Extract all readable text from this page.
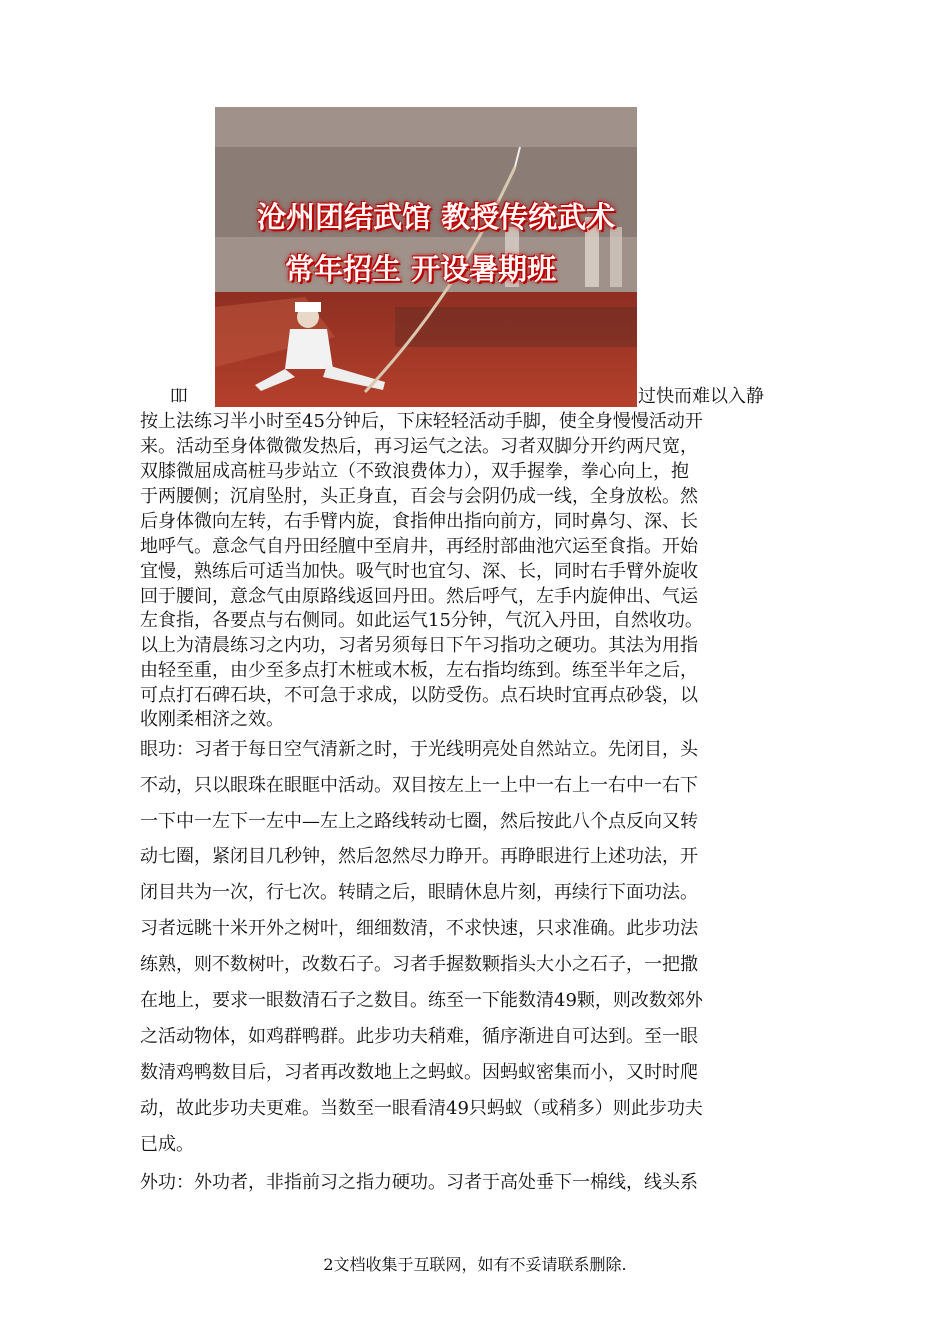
沧州团结武馆 教授传统武术
常年招生 开设暑期班
吅	过快而难以入静
按上法练习半小时至45分钟后，下床轻轻活动手脚，使全身慢慢活动开
来。活动至身体微微发热后，再习运气之法。习者双脚分开约两尺宽，
双膝微屈成高桩马步站立（不致浪费体力），双手握拳，拳心向上，抱
于两腰侧；沉肩坠肘，头正身直，百会与会阴仍成一线，全身放松。然
后身体微向左转，右手臂内旋，食指伸出指向前方，同时鼻匀、深、长
地呼气。意念气自丹田经膻中至肩井，再经肘部曲池穴运至食指。开始
宜慢，熟练后可适当加快。吸气时也宜匀、深、长，同时右手臂外旋收
回于腰间，意念气由原路线返回丹田。然后呼气，左手内旋伸出、气运
左食指，各要点与右侧同。如此运气15分钟，气沉入丹田，自然收功。
以上为清晨练习之内功，习者另须每日下午习指功之硬功。其法为用指
由轻至重，由少至多点打木桩或木板，左右指均练到。练至半年之后，
可点打石碑石块，不可急于求成，以防受伤。点石块时宜再点砂袋，以
收刚柔相济之效。
眼功：习者于每日空气清新之时，于光线明亮处自然站立。先闭目，头
不动，只以眼珠在眼眶中活动。双目按左上一上中一右上一右中一右下
一下中一左下一左中—左上之路线转动七圈，然后按此八个点反向又转
动七圈，紧闭目几秒钟，然后忽然尽力睁开。再睁眼进行上述功法，开
闭目共为一次，行七次。转睛之后，眼睛休息片刻，再续行下面功法。
习者远眺十米开外之树叶，细细数清，不求快速，只求准确。此步功法
练熟，则不数树叶，改数石子。习者手握数颗指头大小之石子，一把撒
在地上，要求一眼数清石子之数目。练至一下能数清49颗，则改数郊外
之活动物体，如鸡群鸭群。此步功夫稍难，循序渐进自可达到。至一眼
数清鸡鸭数目后，习者再改数地上之蚂蚁。因蚂蚁密集而小，又时时爬
动，故此步功夫更难。当数至一眼看清49只蚂蚁（或稍多）则此步功夫
已成。
外功：外功者，非指前习之指力硬功。习者于高处垂下一棉线，线头系
2文档收集于互联网，如有不妥请联系删除.
